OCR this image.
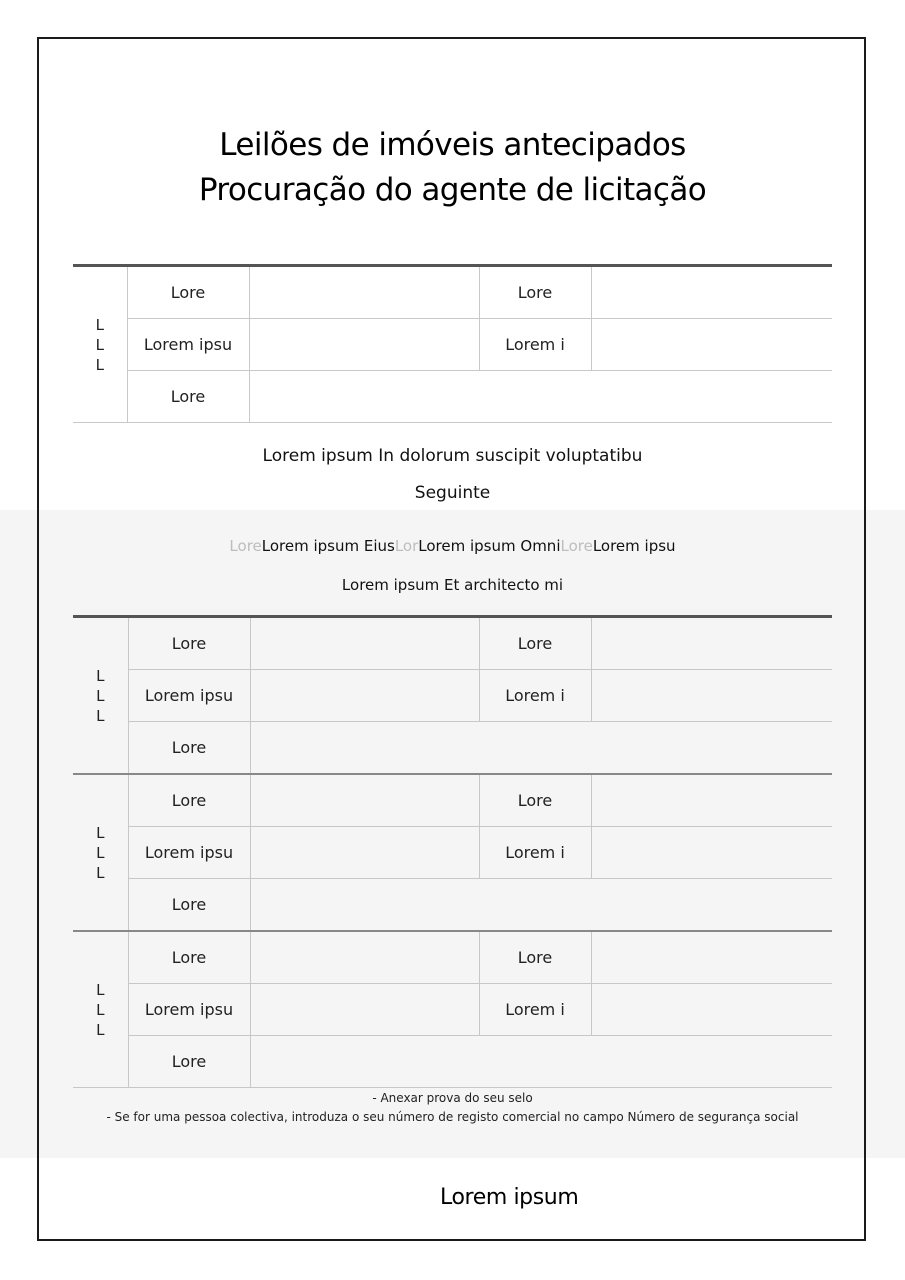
Leilões de imóveis antecipados
Procuração do agente de licitação
L
L
L	Lore		Lore	
	Lorem ipsu		Lorem i	
	Lore			
Lorem ipsum In dolorum suscipit voluptatibu
Seguinte
LoreLorem ipsum EiusLorLorem ipsum OmniLoreLorem ipsu
Lorem ipsum Et architecto mi
L
L
L	Lore		Lore	
	Lorem ipsu		Lorem i	
	Lore			

L
L
L	Lore		Lore	
	Lorem ipsu		Lorem i	
	Lore			

L
L
L	Lore		Lore	
	Lorem ipsu		Lorem i	
	Lore			
- Anexar prova do seu selo
- Se for uma pessoa colectiva, introduza o seu número de registo comercial no campo Número de segurança social
Lorem ipsum
